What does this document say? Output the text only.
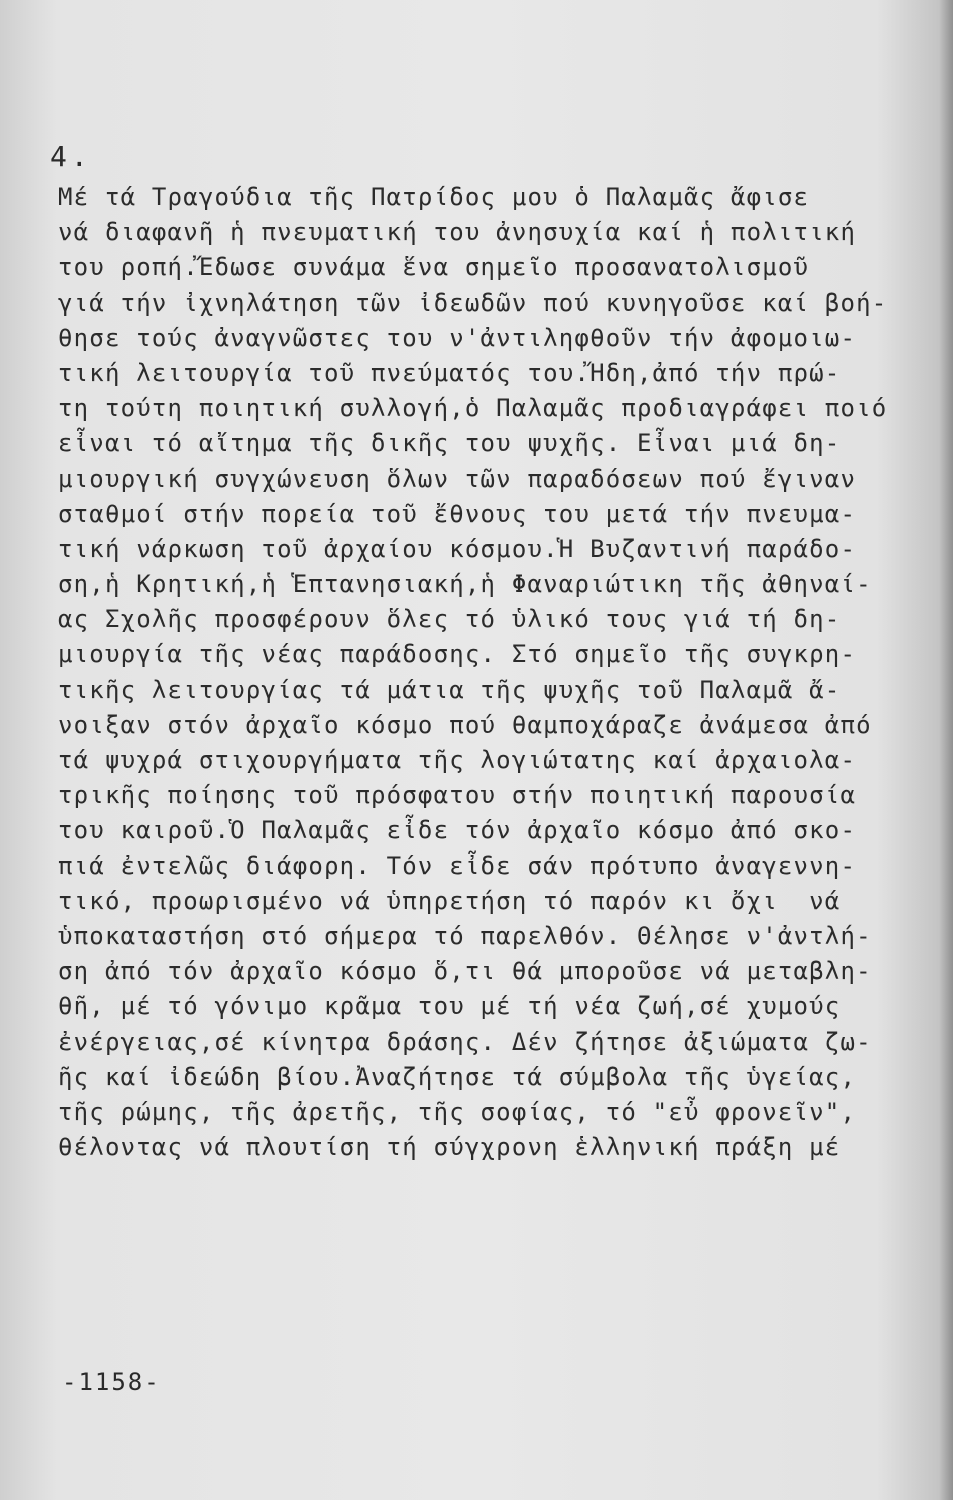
4.
Μέ τά Τραγούδια τῆς Πατρίδος μου ὁ Παλαμᾶς ἄφισε
νά διαφανῆ ἡ πνευματική του ἀνησυχία καί ἡ πολιτική
του ροπή.Ἔδωσε συνάμα ἕνα σημεῖο προσανατολισμοῦ
γιά τήν ἰχνηλάτηση τῶν ἰδεωδῶν πού κυνηγοῦσε καί βοή-
θησε τούς ἀναγνῶστες του ν'ἀντιληφθοῦν τήν ἀφομοιω-
τική λειτουργία τοῦ πνεύματός του.Ἤδη,ἀπό τήν πρώ-
τη τούτη ποιητική συλλογή,ὁ Παλαμᾶς προδιαγράφει ποιό
εἶναι τό αἴτημα τῆς δικῆς του ψυχῆς. Εἶναι μιά δη-
μιουργική συγχώνευση ὅλων τῶν παραδόσεων πού ἔγιναν
σταθμοί στήν πορεία τοῦ ἔθνους του μετά τήν πνευμα-
τική νάρκωση τοῦ ἀρχαίου κόσμου.Ἡ Βυζαντινή παράδο-
ση,ἡ Κρητική,ἡ Ἑπτανησιακή,ἡ Φαναριώτικη τῆς ἀθηναί-
ας Σχολῆς προσφέρουν ὅλες τό ὑλικό τους γιά τή δη-
μιουργία τῆς νέας παράδοσης. Στό σημεῖο τῆς συγκρη-
τικῆς λειτουργίας τά μάτια τῆς ψυχῆς τοῦ Παλαμᾶ ἄ-
νοιξαν στόν ἀρχαῖο κόσμο πού θαμποχάραζε ἀνάμεσα ἀπό
τά ψυχρά στιχουργήματα τῆς λογιώτατης καί ἀρχαιολα-
τρικῆς ποίησης τοῦ πρόσφατου στήν ποιητική παρουσία
του καιροῦ.Ὁ Παλαμᾶς εἶδε τόν ἀρχαῖο κόσμο ἀπό σκο-
πιά ἐντελῶς διάφορη. Τόν εἶδε σάν πρότυπο ἀναγεννη-
τικό, προωρισμένο νά ὑπηρετήση τό παρόν κι ὄχι  νά
ὑποκαταστήση στό σήμερα τό παρελθόν. Θέλησε ν'ἀντλή-
ση ἀπό τόν ἀρχαῖο κόσμο ὅ,τι θά μποροῦσε νά μεταβλη-
θῆ, μέ τό γόνιμο κρᾶμα του μέ τή νέα ζωή,σέ χυμούς
ἐνέργειας,σέ κίνητρα δράσης. Δέν ζήτησε ἀξιώματα ζω-
ῆς καί ἰδεώδη βίου.Ἀναζήτησε τά σύμβολα τῆς ὑγείας,
τῆς ρώμης, τῆς ἀρετῆς, τῆς σοφίας, τό "εὖ φρονεῖν",
θέλοντας νά πλουτίση τή σύγχρονη ἑλληνική πράξη μέ
-1158-
